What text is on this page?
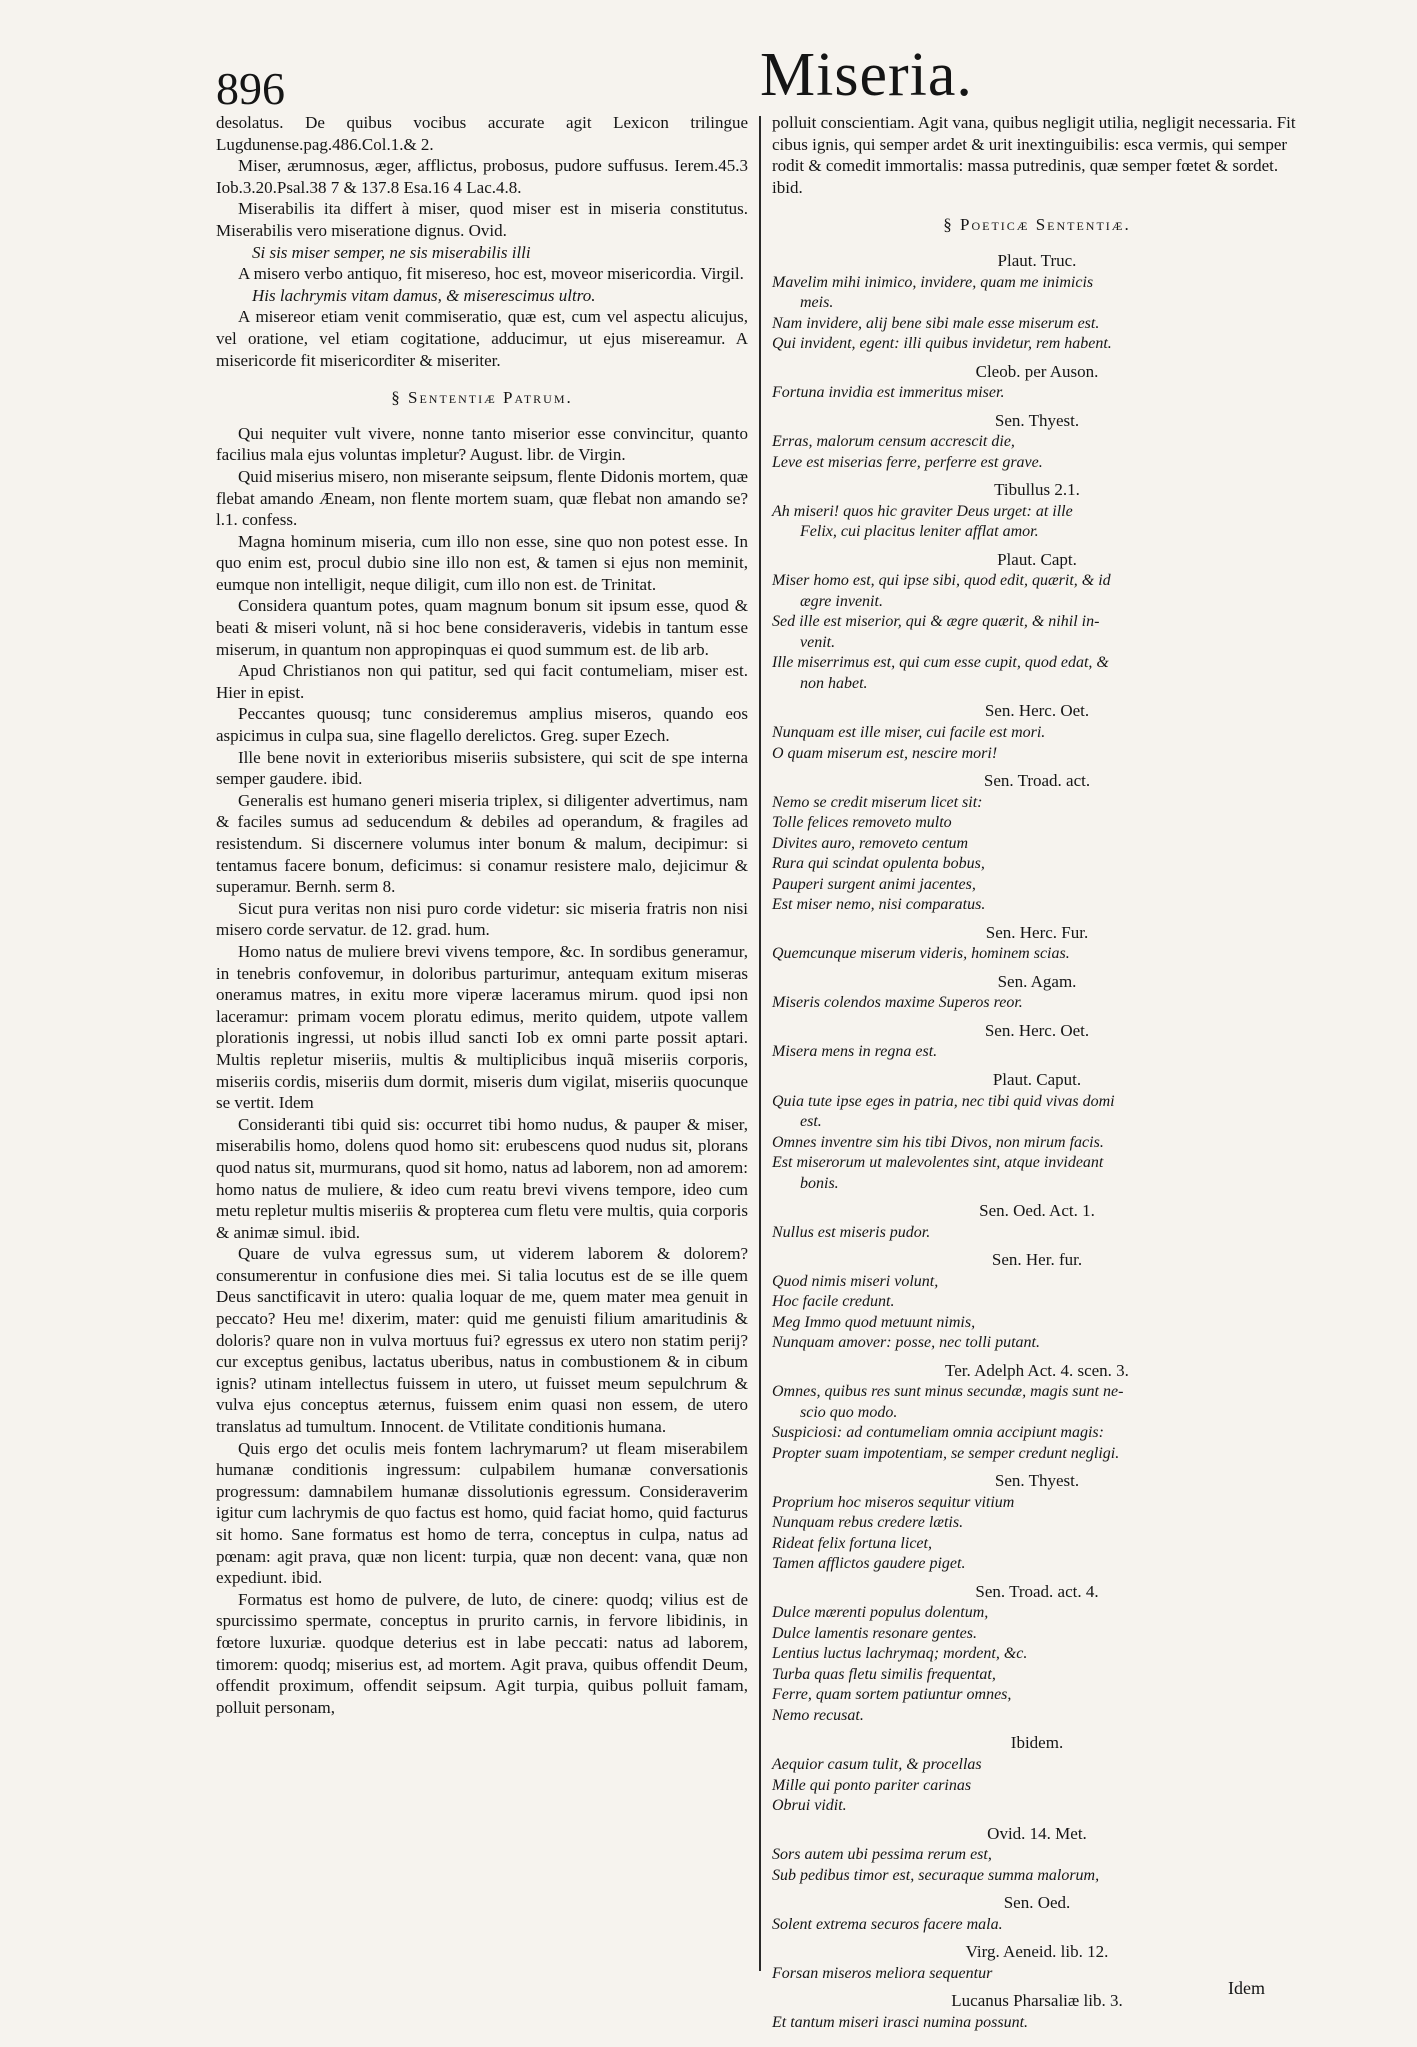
896	Miseria.

desolatus. De quibus vocibus accurate agit Lexicon trilingue Lugdunense.pag.486.Col.1.& 2.

Miser, ærumnosus, æger, afflictus, probosus, pudore suffusus. Ierem.45.3 Iob.3.20.Psal.38 7 & 137.8 Esa.16 4 Lac.4.8.

Miserabilis ita differt à miser, quod miser est in miseria constitutus. Miserabilis vero miseratione dignus. Ovid.

Si sis miser semper, ne sis miserabilis illi

A misero verbo antiquo, fit misereso, hoc est, moveor misericordia. Virgil.

His lachrymis vitam damus, & miserescimus ultro.

A misereor etiam venit commiseratio, quæ est, cum vel aspectu alicujus, vel oratione, vel etiam cogitatione, adducimur, ut ejus misereamur. A misericorde fit misericorditer & miseriter.

§ Sententiæ Patrum.

Qui nequiter vult vivere, nonne tanto miserior esse convincitur, quanto facilius mala ejus voluntas impletur? August. libr. de Virgin.

Quid miserius misero, non miserante seipsum, flente Didonis mortem, quæ flebat amando Æneam, non flente mortem suam, quæ flebat non amando se? l.1. confess.

Magna hominum miseria, cum illo non esse, sine quo non potest esse. In quo enim est, procul dubio sine illo non est, & tamen si ejus non meminit, eumque non intelligit, neque diligit, cum illo non est. de Trinitat.

Considera quantum potes, quam magnum bonum sit ipsum esse, quod & beati & miseri volunt, nã si hoc bene consideraveris, videbis in tantum esse miserum, in quantum non appropinquas ei quod summum est. de lib arb.

Apud Christianos non qui patitur, sed qui facit contumeliam, miser est. Hier in epist.

Peccantes quousq; tunc consideremus amplius miseros, quando eos aspicimus in culpa sua, sine flagello derelictos. Greg. super Ezech.

Ille bene novit in exterioribus miseriis subsistere, qui scit de spe interna semper gaudere. ibid.

Generalis est humano generi miseria triplex, si diligenter advertimus, nam & faciles sumus ad seducendum & debiles ad operandum, & fragiles ad resistendum. Si discernere volumus inter bonum & malum, decipimur: si tentamus facere bonum, deficimus: si conamur resistere malo, dejicimur & superamur. Bernh. serm 8.

Sicut pura veritas non nisi puro corde videtur: sic miseria fratris non nisi misero corde servatur. de 12. grad. hum.

Homo natus de muliere brevi vivens tempore, &c. In sordibus generamur, in tenebris confovemur, in doloribus parturimur, antequam exitum miseras oneramus matres, in exitu more viperæ laceramus mirum. quod ipsi non laceramur: primam vocem ploratu edimus, merito quidem, utpote vallem plorationis ingressi, ut nobis illud sancti Iob ex omni parte possit aptari. Multis repletur miseriis, multis & multiplicibus inquã miseriis corporis, miseriis cordis, miseriis dum dormit, miseris dum vigilat, miseriis quocunque se vertit. Idem

Consideranti tibi quid sis: occurret tibi homo nudus, & pauper & miser, miserabilis homo, dolens quod homo sit: erubescens quod nudus sit, plorans quod natus sit, murmurans, quod sit homo, natus ad laborem, non ad amorem: homo natus de muliere, & ideo cum reatu brevi vivens tempore, ideo cum metu repletur multis miseriis & propterea cum fletu vere multis, quia corporis & animæ simul. ibid.

Quare de vulva egressus sum, ut viderem laborem & dolorem? consumerentur in confusione dies mei. Si talia locutus est de se ille quem Deus sanctificavit in utero: qualia loquar de me, quem mater mea genuit in peccato? Heu me! dixerim, mater: quid me genuisti filium amaritudinis & doloris? quare non in vulva mortuus fui? egressus ex utero non statim perij? cur exceptus genibus, lactatus uberibus, natus in combustionem & in cibum ignis? utinam intellectus fuissem in utero, ut fuisset meum sepulchrum & vulva ejus conceptus æternus, fuissem enim quasi non essem, de utero translatus ad tumultum. Innocent. de Vtilitate conditionis humana.

Quis ergo det oculis meis fontem lachrymarum? ut fleam miserabilem humanæ conditionis ingressum: culpabilem humanæ conversationis progressum: damnabilem humanæ dissolutionis egressum. Consideraverim igitur cum lachrymis de quo factus est homo, quid faciat homo, quid facturus sit homo. Sane formatus est homo de terra, conceptus in culpa, natus ad pœnam: agit prava, quæ non licent: turpia, quæ non decent: vana, quæ non expediunt. ibid.

Formatus est homo de pulvere, de luto, de cinere: quodq; vilius est de spurcissimo spermate, conceptus in prurito carnis, in fervore libidinis, in fœtore luxuriæ. quodque deterius est in labe peccati: natus ad laborem, timorem: quodq; miserius est, ad mortem. Agit prava, quibus offendit Deum, offendit proximum, offendit seipsum. Agit turpia, quibus polluit famam, polluit personam,

polluit conscientiam. Agit vana, quibus negligit utilia, negligit necessaria. Fit cibus ignis, qui semper ardet & urit inextinguibilis: esca vermis, qui semper rodit & comedit immortalis: massa putredinis, quæ semper fœtet & sordet. ibid.

§ Poeticæ Sententiæ.
Plaut. Truc.
Mavelim mihi inimico, invidere, quam me inimicis
meis.
Nam invidere, alij bene sibi male esse miserum est.
Qui invident, egent: illi quibus invidetur, rem habent.
Cleob. per Auson.
Fortuna invidia est immeritus miser.
Sen. Thyest.
Erras, malorum censum accrescit die,
Leve est miserias ferre, perferre est grave.
Tibullus 2.1.
Ah miseri! quos hic graviter Deus urget: at ille
Felix, cui placitus leniter afflat amor.
Plaut. Capt.
Miser homo est, qui ipse sibi, quod edit, quærit, & id
ægre invenit.
Sed ille est miserior, qui & ægre quærit, & nihil in-
venit.
Ille miserrimus est, qui cum esse cupit, quod edat, &
non habet.
Sen. Herc. Oet.
Nunquam est ille miser, cui facile est mori.
O quam miserum est, nescire mori!
Sen. Troad. act.
Nemo se credit miserum licet sit:
Tolle felices removeto multo
Divites auro, removeto centum
Rura qui scindat opulenta bobus,
Pauperi surgent animi jacentes,
Est miser nemo, nisi comparatus.
Sen. Herc. Fur.
Quemcunque miserum videris, hominem scias.
Sen. Agam.
Miseris colendos maxime Superos reor.
Sen. Herc. Oet.
Misera mens in regna est.
Plaut. Caput.
Quia tute ipse eges in patria, nec tibi quid vivas domi
est.
Omnes inventre sim his tibi Divos, non mirum facis.
Est miserorum ut malevolentes sint, atque invideant
bonis.
Sen. Oed. Act. 1.
Nullus est miseris pudor.
Sen. Her. fur.
Quod nimis miseri volunt,
Hoc facile credunt.
Meg Immo quod metuunt nimis,
Nunquam amover: posse, nec tolli putant.
Ter. Adelph Act. 4. scen. 3.
Omnes, quibus res sunt minus secundæ, magis sunt ne-
scio quo modo.
Suspiciosi: ad contumeliam omnia accipiunt magis:
Propter suam impotentiam, se semper credunt negligi.
Sen. Thyest.
Proprium hoc miseros sequitur vitium
Nunquam rebus credere lætis.
Rideat felix fortuna licet,
Tamen afflictos gaudere piget.
Sen. Troad. act. 4.
Dulce mærenti populus dolentum,
Dulce lamentis resonare gentes.
Lentius luctus lachrymaq; mordent, &c.
Turba quas fletu similis frequentat,
Ferre, quam sortem patiuntur omnes,
Nemo recusat.
Ibidem.
Aequior casum tulit, & procellas
Mille qui ponto pariter carinas
Obrui vidit.
Ovid. 14. Met.
Sors autem ubi pessima rerum est,
Sub pedibus timor est, securaque summa malorum,
Sen. Oed.
Solent extrema securos facere mala.
Virg. Aeneid. lib. 12.
Forsan miseros meliora sequentur
Lucanus Pharsaliæ lib. 3.
Et tantum miseri irasci numina possunt.
Idem
